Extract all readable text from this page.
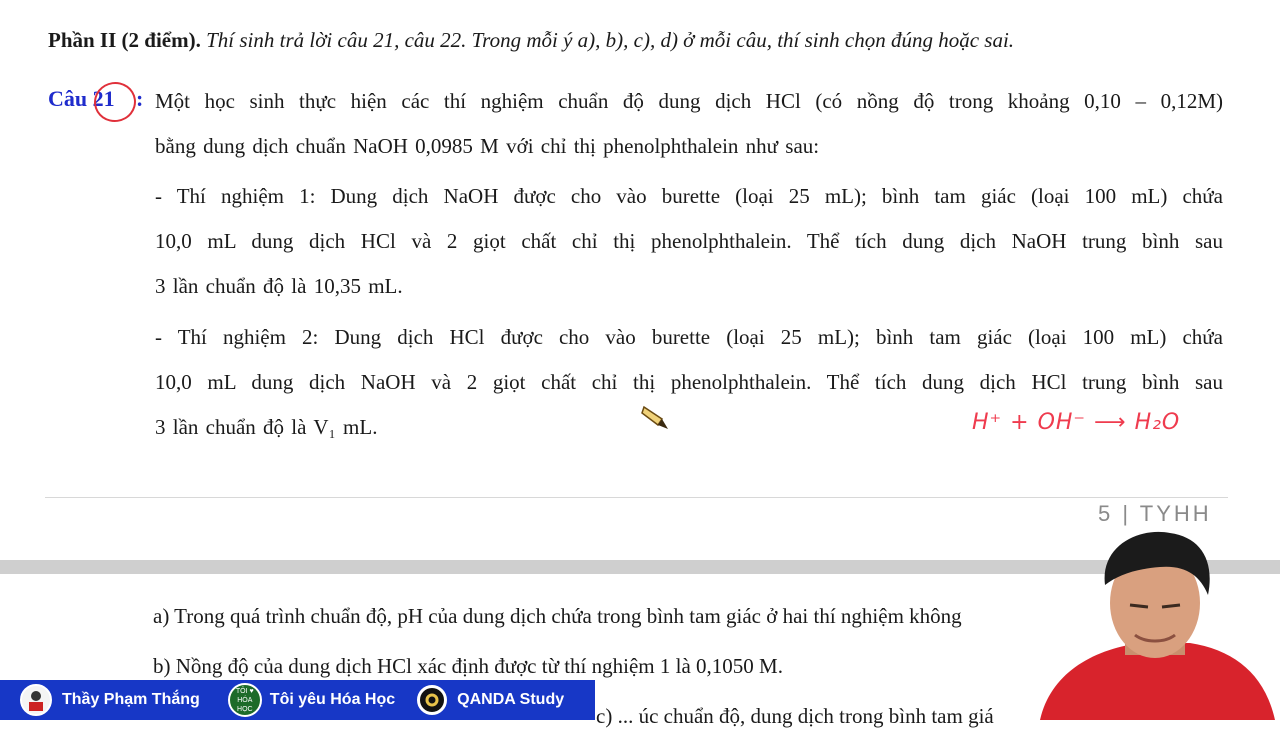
Phần II (2 điểm). Thí sinh trả lời câu 21, câu 22. Trong mỗi ý a), b), c), d) ở mỗi câu, thí sinh chọn đúng hoặc sai.
Câu 21 : Một học sinh thực hiện các thí nghiệm chuẩn độ dung dịch HCl (có nồng độ trong khoảng 0,10 – 0,12M)
bằng dung dịch chuẩn NaOH 0,0985 M với chỉ thị phenolphthalein như sau:
- Thí nghiệm 1: Dung dịch NaOH được cho vào burette (loại 25 mL); bình tam giác (loại 100 mL) chứa
10,0 mL dung dịch HCl và 2 giọt chất chỉ thị phenolphthalein. Thể tích dung dịch NaOH trung bình sau
3 lần chuẩn độ là 10,35 mL.
- Thí nghiệm 2: Dung dịch HCl được cho vào burette (loại 25 mL); bình tam giác (loại 100 mL) chứa
10,0 mL dung dịch NaOH và 2 giọt chất chỉ thị phenolphthalein. Thể tích dung dịch HCl trung bình sau
3 lần chuẩn độ là V₁ mL.	H⁺ + OH⁻ ⟶ H₂O
5 | TYHH
a) Trong quá trình chuẩn độ, pH của dung dịch chứa trong bình tam giác ở hai thí nghiệm không
b) Nồng độ của dung dịch HCl xác định được từ thí nghiệm 1 là 0,1050 M.
c) ... úc chuẩn độ, dung dịch trong bình tam giá
Thầy Phạm Thắng	TÔI ♥ HÓA HỌC
Tôi yêu Hóa Học	QANDA Study
